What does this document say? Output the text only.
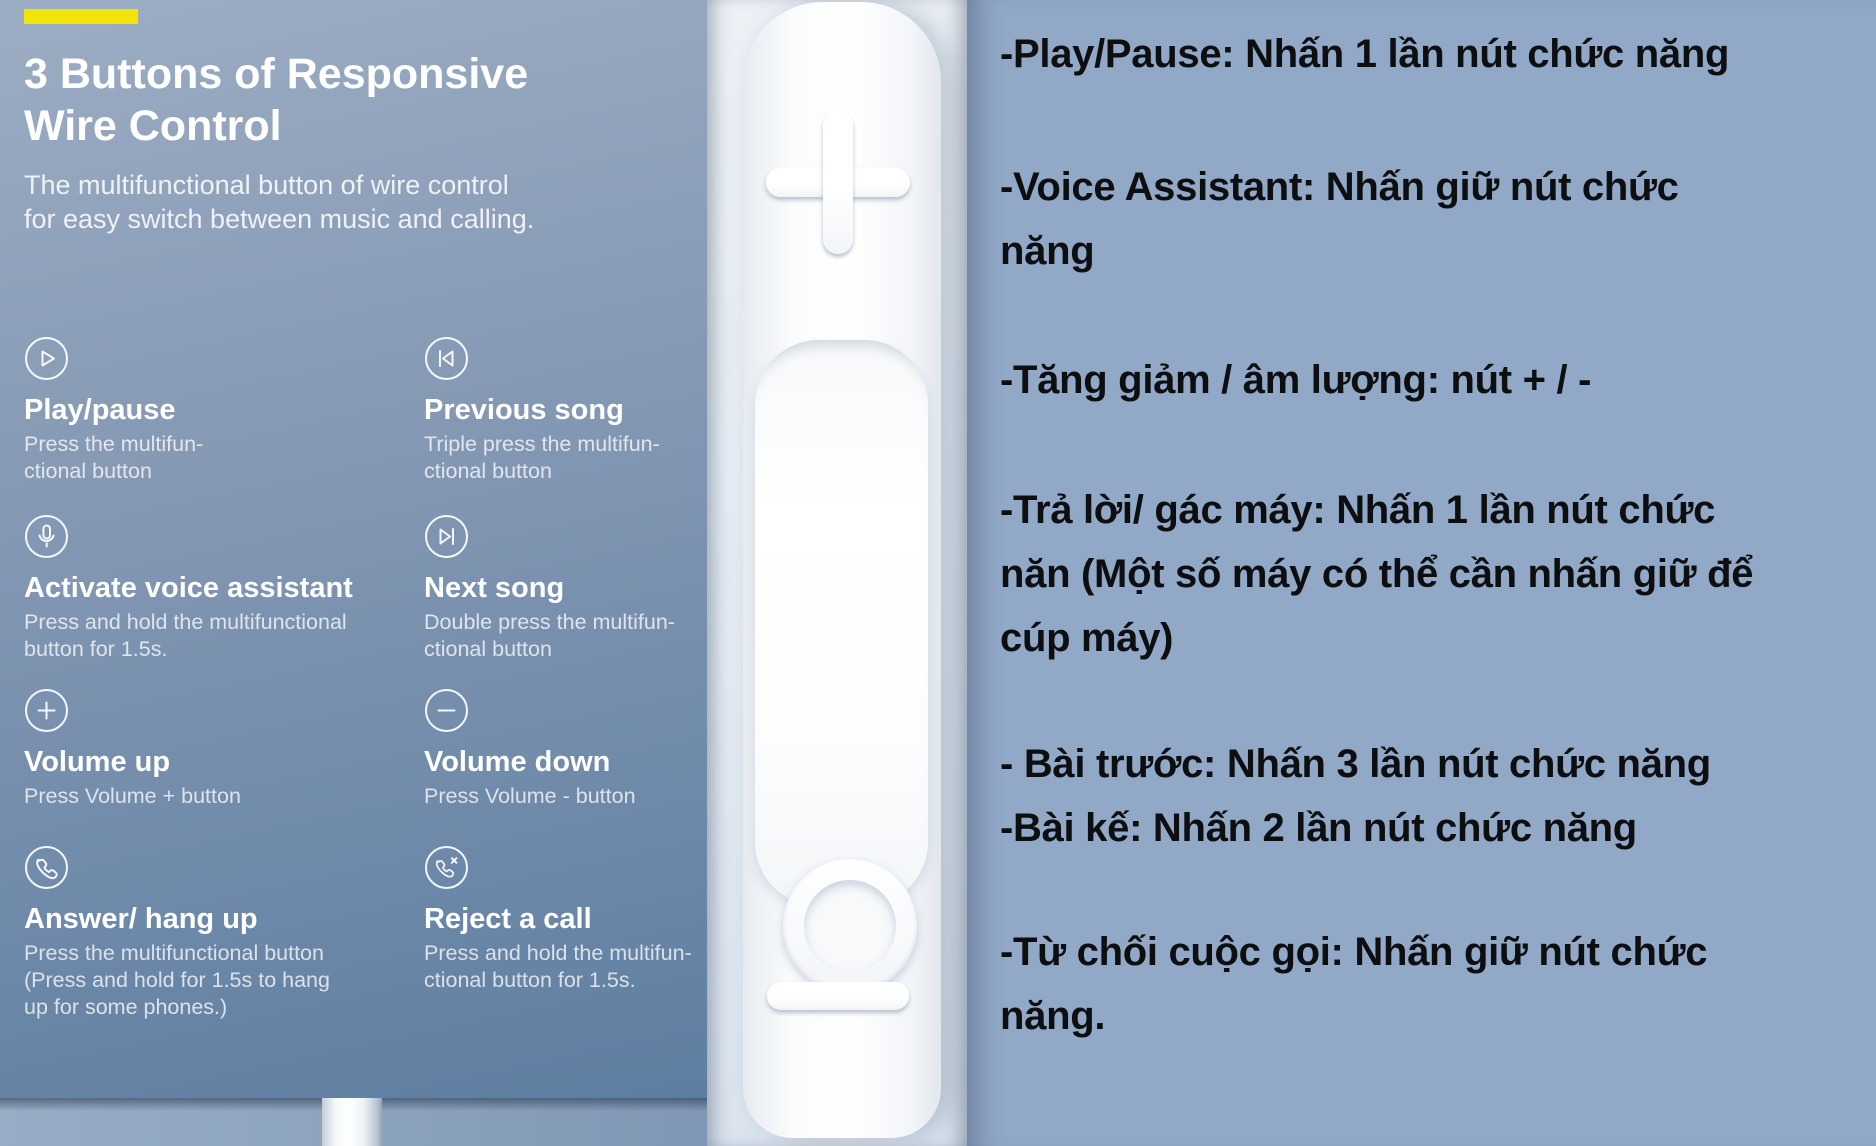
3 Buttons of Responsive
Wire Control
The multifunctional button of wire control
for easy switch between music and calling.
Play/pause
Press the multifun-
ctional button
Previous song
Triple press the multifun-
ctional button
Activate voice assistant
Press and hold the multifunctional
button for 1.5s.
Next song
Double press the multifun-
ctional button
Volume up
Press Volume + button
Volume down
Press Volume - button
Answer/ hang up
Press the multifunctional button
(Press and hold for 1.5s to hang
up for some phones.)
Reject a call
Press and hold the multifun-
ctional button for 1.5s.
-Play/Pause: Nhấn 1 lần nút chức năng
-Voice Assistant: Nhấn giữ nút chức
năng
-Tăng giảm / âm lượng: nút + / -
-Trả lời/ gác máy: Nhấn 1 lần nút chức
năn (Một số máy có thể cần nhấn giữ để
cúp máy)
- Bài trước: Nhấn 3 lần nút chức năng
-Bài kế: Nhấn 2 lần nút chức năng
-Từ chối cuộc gọi: Nhấn giữ nút chức
năng.
